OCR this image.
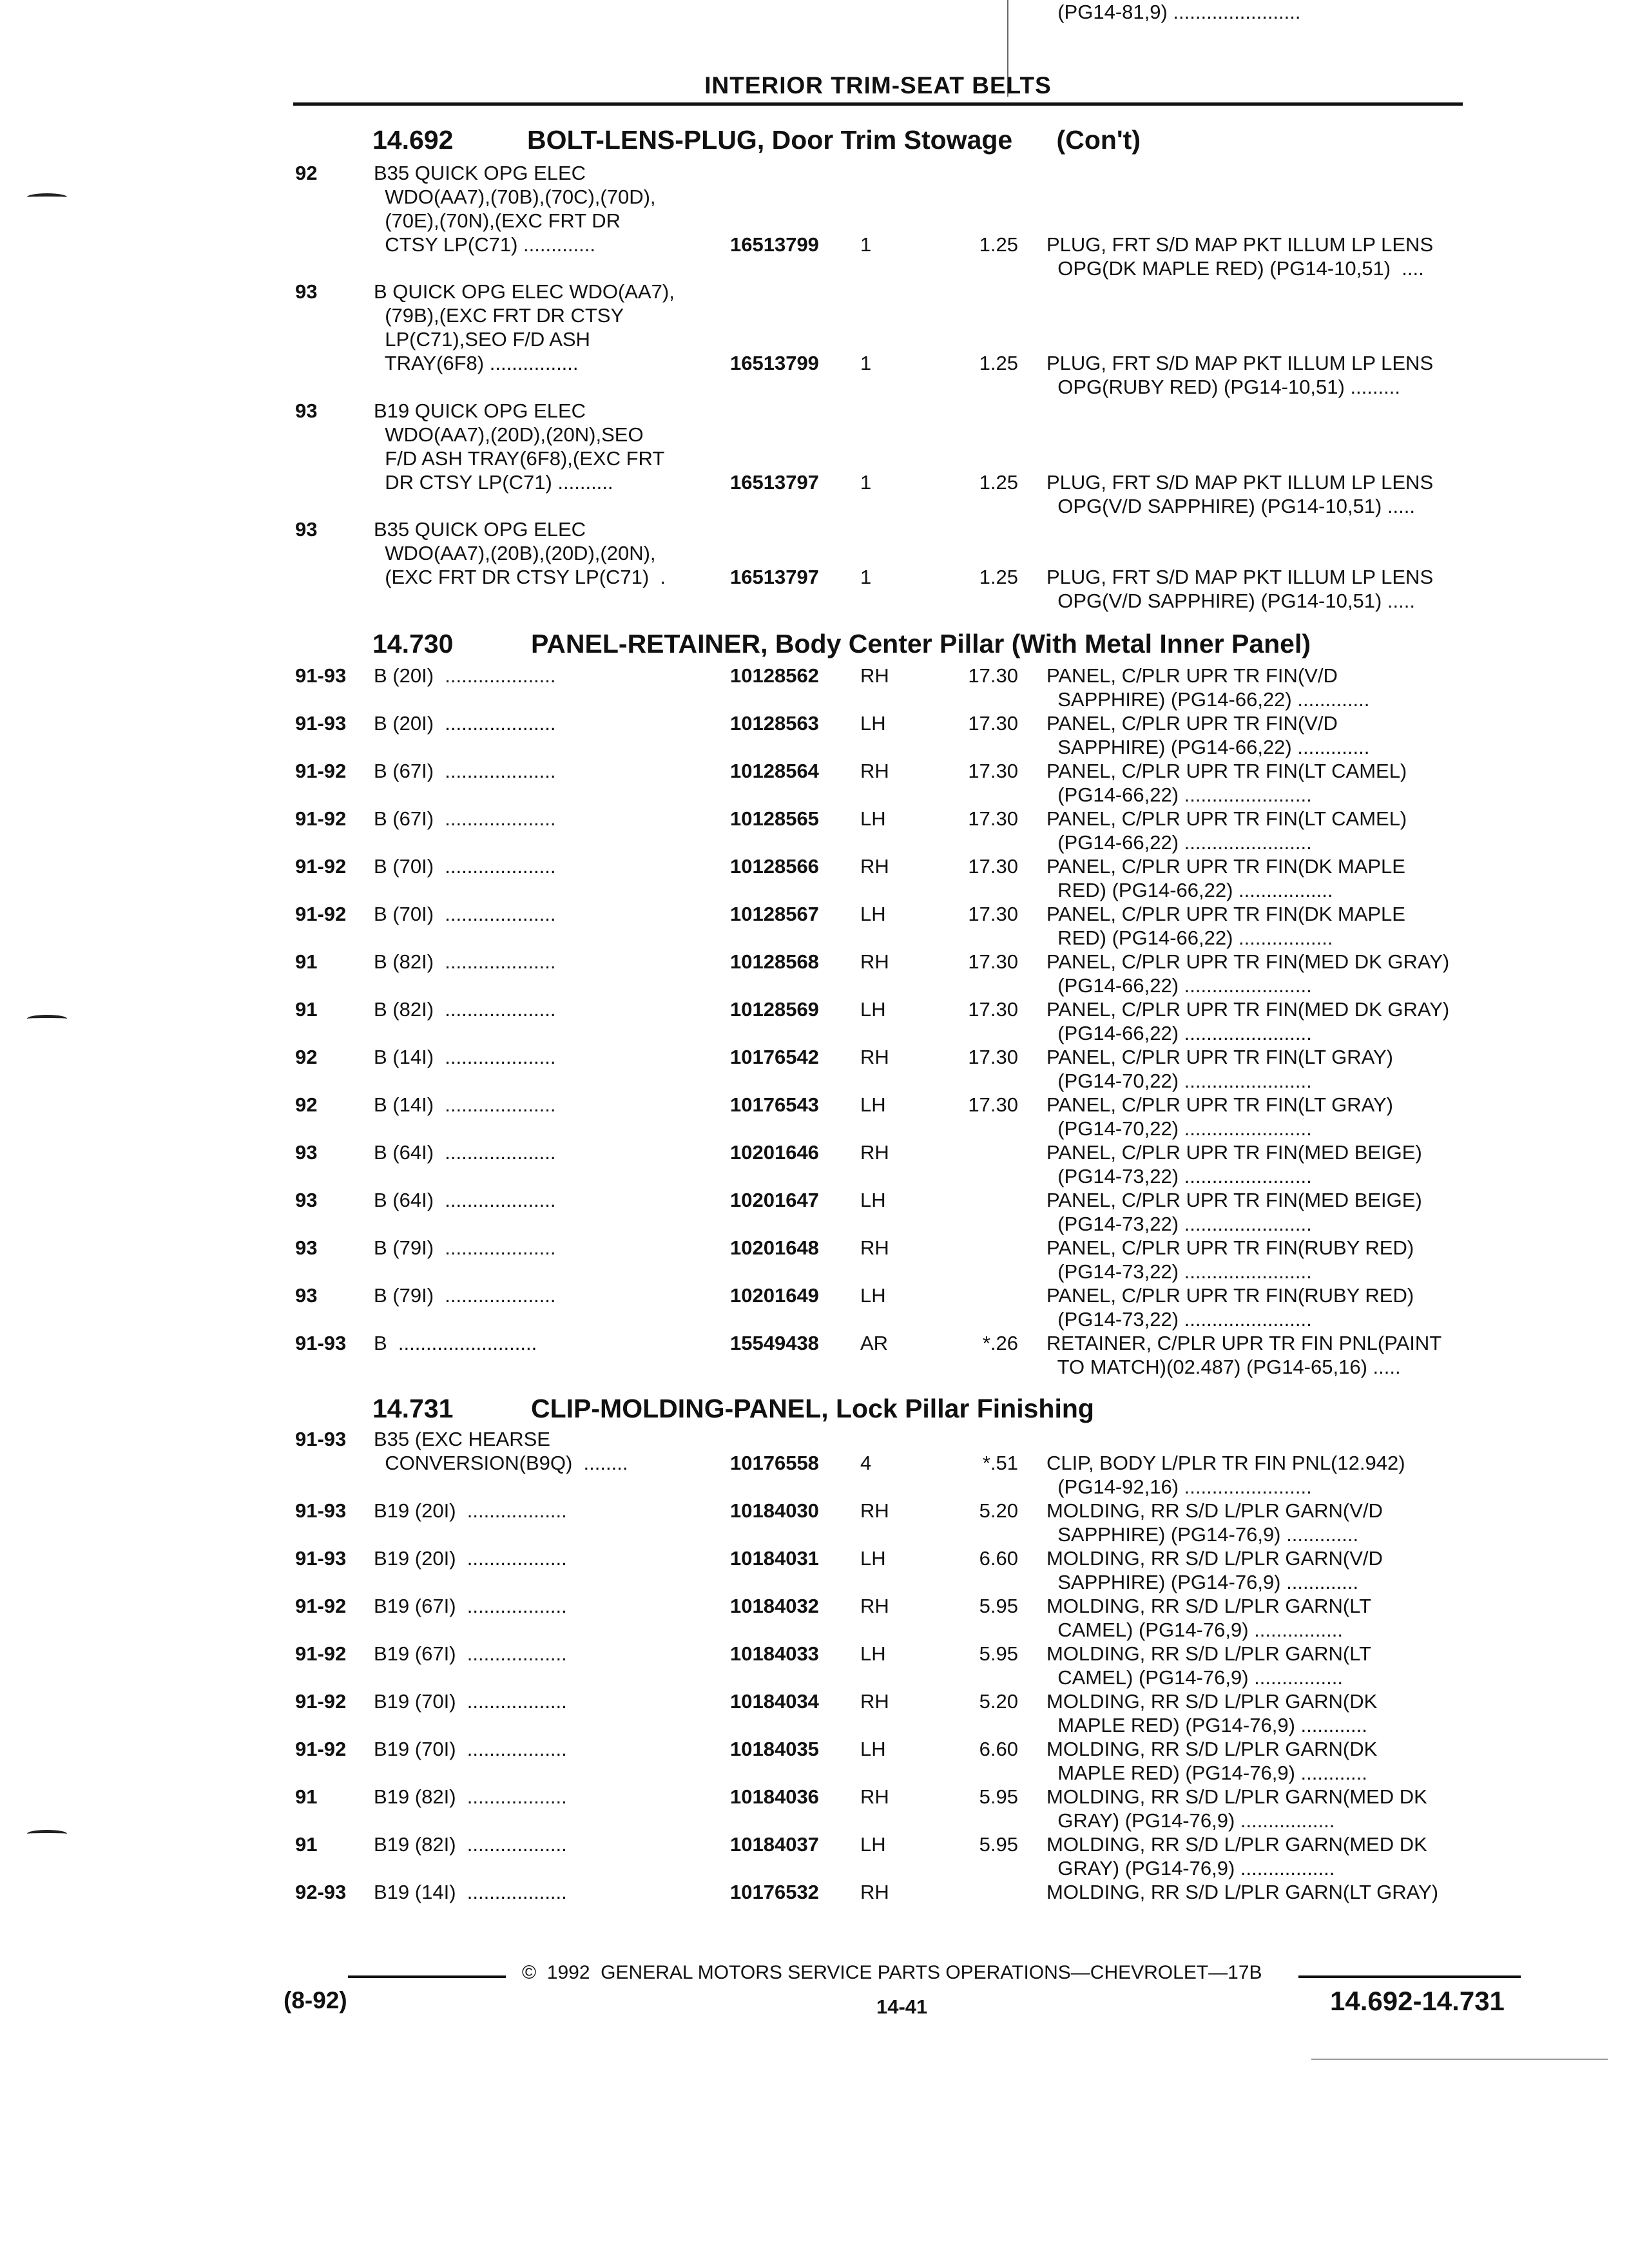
INTERIOR TRIM-SEAT BELTS

14.692

	BOLT-LENS-PLUG, Door Trim Stowage      (Con't)

14.730

	PANEL-RETAINER, Body Center Pillar (With Metal Inner Panel)

14.731

	CLIP-MOLDING-PANEL, Lock Pillar Finishing

92	B35 QUICK OPG ELEC
WDO(AA7),(70B),(70C),(70D),
(70E),(70N),(EXC FRT DR
CTSY LP(C71) .............	16513799 1	1.25 PLUG, FRT S/D MAP PKT ILLUM LP LENS
OPG(DK MAPLE RED) (PG14-10,51)  ....
93	B QUICK OPG ELEC WDO(AA7),
(79B),(EXC FRT DR CTSY
LP(C71),SEO F/D ASH
TRAY(6F8) ................	16513799 1	1.25 PLUG, FRT S/D MAP PKT ILLUM LP LENS
OPG(RUBY RED) (PG14-10,51) .........
93	B19 QUICK OPG ELEC
WDO(AA7),(20D),(20N),SEO
F/D ASH TRAY(6F8),(EXC FRT
DR CTSY LP(C71) ..........	16513797 1	1.25 PLUG, FRT S/D MAP PKT ILLUM LP LENS
OPG(V/D SAPPHIRE) (PG14-10,51) .....
93	B35 QUICK OPG ELEC
WDO(AA7),(20B),(20D),(20N),
(EXC FRT DR CTSY LP(C71)  .	16513797 1	1.25 PLUG, FRT S/D MAP PKT ILLUM LP LENS
OPG(V/D SAPPHIRE) (PG14-10,51) .....
91-93 B (20I)  ....................	10128562 RH	17.30 PANEL, C/PLR UPR TR FIN(V/D
SAPPHIRE) (PG14-66,22) .............
91-93 B (20I)  ....................	10128563 LH	17.30 PANEL, C/PLR UPR TR FIN(V/D
SAPPHIRE) (PG14-66,22) .............
91-92 B (67I)  ....................	10128564 RH	17.30 PANEL, C/PLR UPR TR FIN(LT CAMEL)
(PG14-66,22) .......................
91-92 B (67I)  ....................	10128565 LH	17.30 PANEL, C/PLR UPR TR FIN(LT CAMEL)
(PG14-66,22) .......................
91-92 B (70I)  ....................	10128566 RH	17.30 PANEL, C/PLR UPR TR FIN(DK MAPLE
RED) (PG14-66,22) .................
91-92 B (70I)  ....................	10128567 LH	17.30 PANEL, C/PLR UPR TR FIN(DK MAPLE
RED) (PG14-66,22) .................
91	B (82I)  ....................	10128568 RH	17.30 PANEL, C/PLR UPR TR FIN(MED DK GRAY)
(PG14-66,22) .......................
91	B (82I)  ....................	10128569 LH	17.30 PANEL, C/PLR UPR TR FIN(MED DK GRAY)
(PG14-66,22) .......................
92	B (14I)  ....................	10176542 RH	17.30 PANEL, C/PLR UPR TR FIN(LT GRAY)
(PG14-70,22) .......................
92	B (14I)  ....................	10176543 LH	17.30 PANEL, C/PLR UPR TR FIN(LT GRAY)
(PG14-70,22) .......................
93	B (64I)  ....................	10201646 RH	PANEL, C/PLR UPR TR FIN(MED BEIGE)
(PG14-73,22) .......................
93	B (64I)  ....................	10201647 LH	PANEL, C/PLR UPR TR FIN(MED BEIGE)
(PG14-73,22) .......................
93	B (79I)  ....................	10201648 RH	PANEL, C/PLR UPR TR FIN(RUBY RED)
(PG14-73,22) .......................
93	B (79I)  ....................	10201649 LH	PANEL, C/PLR UPR TR FIN(RUBY RED)
(PG14-73,22) .......................
91-93 B  .........................	15549438 AR	*.26 RETAINER, C/PLR UPR TR FIN PNL(PAINT
TO MATCH)(02.487) (PG14-65,16) .....
91-93 B35 (EXC HEARSE
CONVERSION(B9Q)  ........	10176558 4	*.51 CLIP, BODY L/PLR TR FIN PNL(12.942)
(PG14-92,16) .......................
91-93 B19 (20I)  ..................	10184030 RH	5.20 MOLDING, RR S/D L/PLR GARN(V/D
SAPPHIRE) (PG14-76,9) .............
91-93 B19 (20I)  ..................	10184031 LH	6.60 MOLDING, RR S/D L/PLR GARN(V/D
SAPPHIRE) (PG14-76,9) .............
91-92 B19 (67I)  ..................	10184032 RH	5.95 MOLDING, RR S/D L/PLR GARN(LT
CAMEL) (PG14-76,9) ................
91-92 B19 (67I)  ..................	10184033 LH	5.95 MOLDING, RR S/D L/PLR GARN(LT
CAMEL) (PG14-76,9) ................
91-92 B19 (70I)  ..................	10184034 RH	5.20 MOLDING, RR S/D L/PLR GARN(DK
MAPLE RED) (PG14-76,9) ............
91-92 B19 (70I)  ..................	10184035 LH	6.60 MOLDING, RR S/D L/PLR GARN(DK
MAPLE RED) (PG14-76,9) ............
91	B19 (82I)  ..................	10184036 RH	5.95 MOLDING, RR S/D L/PLR GARN(MED DK
GRAY) (PG14-76,9) .................
91	B19 (82I)  ..................	10184037 LH	5.95 MOLDING, RR S/D L/PLR GARN(MED DK
GRAY) (PG14-76,9) .................
92-93 B19 (14I)  ..................	10176532 RH	MOLDING, RR S/D L/PLR GARN(LT GRAY)
(PG14-81,9) .......................
©  1992  GENERAL MOTORS SERVICE PARTS OPERATIONS—CHEVROLET—17B
(8-92)	14-41	14.692-14.731
